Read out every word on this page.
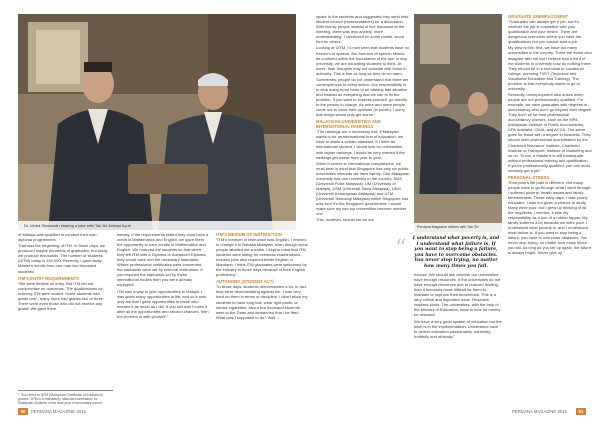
Dr. Mohd Shahrudin sharing a joke with Tan Sri Arshad Ayub

of Malaya was qualified to conduct their own diploma programmes.

That was the beginning of ITM. In those days, we produced maybe hundreds of graduates, but today we produce thousands. The number of students (UiTM) today is 160,000. Recently, I gave away Master's scrolls from one man two thousand students!

ITM'S ENTRY REQUIREMENTS

"We were flexible on entry. But ITM did not compromise on outcomes. The qualifications for entering ITM were scaled. Some students had grade one*, many more had grades two or three. There were even those who did not receive any grade! We gave them

* This refers to SPM (Malaysian Certificate of Education) grades. SPM is a mandatory national examination for Malaysian students in the final year of secondary school.

leeway. If the requirements stated they must have a credit in Mathematics and English, we gave them the opportunity to earn credits in Mathematics and English. We nurtured the students so that when they left ITM with a Diploma or Advanced Diploma, they would have met the necessary standards. Where professional certificates were concerned, the standards were set by external institutions. If you reached the standards set by these international bodies then you were already equipped.

ITM was a way to give opportunities to Malays. I was given many opportunities in life, and so it was only fair that I gave opportunities to those who needed it as much as I did. If you still didn't make it after all the opportunities and second chances, then the problem is with yourself."

ITM'S MEDIUM OF INSTRUCTION

"ITM's medium of instruction was English. I refused to change it to Bahasa Malaysia, even though some people labelled me a traitor. I kept in mind that ITM students were sitting for overseas examinations. Industry jobs also required better English or Mandarin. I think ITM graduates were welcomed by the industry in those days because of their English proficiency."

AUTONOMY (STUDENT ACT)

"In those days, students demonstrated a lot. In fact, they were demonstrating against me. I was very hard on them in terms of discipline. I didn't allow my students to have long hair, wear tight pants, or smoke cigarettes. About five thousand students went to the Dean and demanded that I be fired. What was I supposed to do? Well, I

spoke to the students and suggested they send their student council (representatives) for a discussion. With twenty people instead of five thousand at the meeting, there was less anxiety, more understanding. I convinced on some points, stood firm on others.

Looking at UiTM, I'd now seen that students have no freedom of speech. But freedom of speech should be confined within the boundaries of the law. In any university, we are educating students to think. At times, their thoughts may not coincide with those in authority. This is fine as long as they do no harm.

Sometimes, people do not understand that there are consequences to every action. Our responsibility is to stop doing more harm to an already bad situation and instead do everything that we can to fix the problem. If you want to express yourself, go directly to the person in charge. As more and more people come out to voice their opinions (in public), I worry that things would only get worse."

MALAYSIAN UNIVERSITIES AND INTERNATIONAL RANKINGS

"The rankings are a necessary evil. If Malaysia wants to be an international hub of education, we have to attain a certain standard. If I were an international student, I would look for universities with higher rankings. I would be very worried if the rankings get worse from year to year.

When it comes to international comparisons, we must bear in mind that Singapore has only six public universities whereas we have twenty. One Malaysian university has one university in the country: NUS (Universiti Putra Malaysia), UM (University of Malaya), USM (Universiti Sains Malaysia), UKM (Universiti Kebangsaan Malaysia) and UTM (Universiti Teknologi Malaysia) within Singapore has only two! It's the Singapore government; I would make sure my two top universities become number one.

This, however, should not be our

Perdana Magazine editors with Tan Sri

excuse. We should ask whether our universities have enough resources. If the universities do not have enough resources due to reduced funding, then it becomes more difficult for them to maintain or improve their benchmark. This is a very critical and important issue. Research requires funds. The universities, with the help of the Ministry of Education, have to look for money for research.

We have a very good system of education but the hitch is in the implementation. Universities have to deliver education passionately, earnestly, truthfully and ethically."

“ I understand what poverty is, and I understand what failure is. If you want to stop being a failure, you have to overcome obstacles. You never stop trying, no matter how many times you fail.
GRADUATE UNEMPLOYMENT

"Graduates can always get a job, but it's whether the job is consistent with your qualification and your desire. There are dangerous scenarios where you have the qualifications but you cannot land a job.

My view is this: first, we have too many universities in the country. There are those who disagree with me but I believe that a third of the students in university now do nothing there. They should be in a technical or vocational college, pursuing TVET (Technical and Vocational Education and Training). The problem is that everybody wants to go to university.

Secondly, unemployment also arises when people are not professionally qualified. For example, we have graduates with degrees in accountancy who don't go beyond their degree. They don't sit for their professional accountancy courses, such as the MPA (Malaysian Institute of Public Accountants), CPA Australia, CIMA, and ACCA. The same goes for those with a degree in business. They should seek professional accreditation by the Chartered Insurance Institute, Chartered Institute of Transport, Institute of Marketing and so on. To me, a Master's is still inadequate without professional training and qualification. If you're professionally qualified, you can most certainly get a job."

PERSONAL STRESS

"Everyone's life path is different. Not many people have to go through what I went through. I suffered poverty, health issues and family bereavement. Those early days, I was poorly educated. I was not given a chance to study. Many were poor, but I grew up thinking of all the negatives. I worried, it was my responsibility as a son of a rubber tapper. My family suffered a lot because we were poor. I understand what poverty is, and I understand what failure is. If you want to stop being a failure, you have to overcome obstacles. You never stop trying, no matter how many times you fail. As long as you set up again, the future is always bright. Never give up."

50	PERDANA MAGAZINE 2016	PERDANA MAGAZINE 2016	51
